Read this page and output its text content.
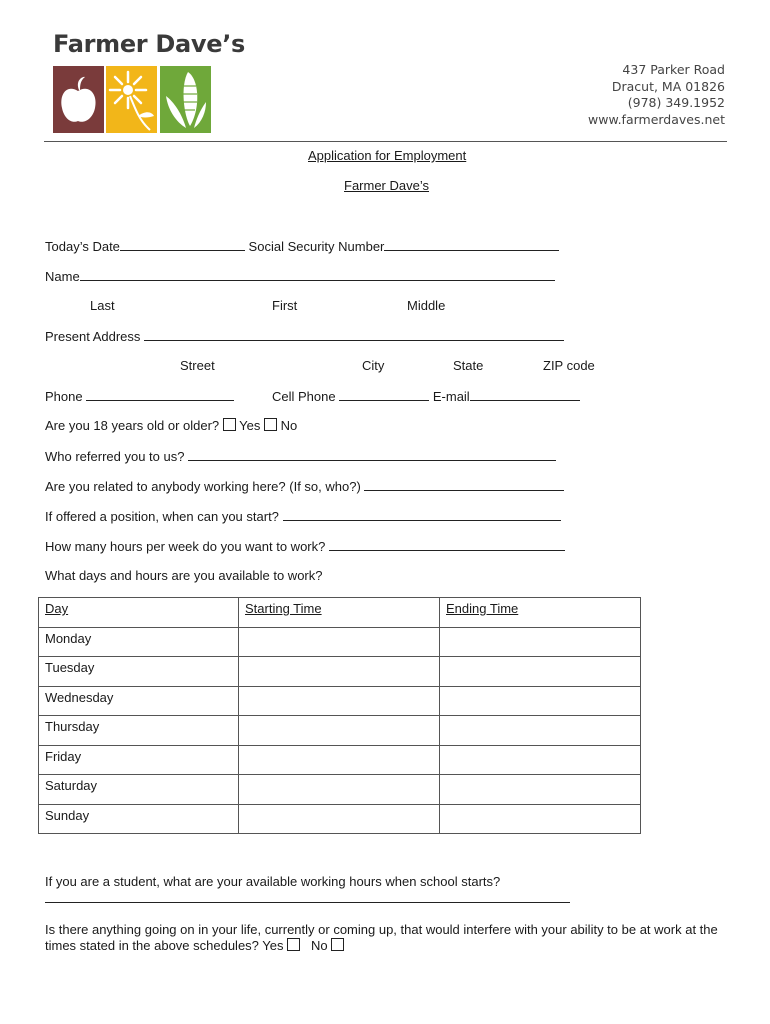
Farmer Dave’s
437 Parker Road
Dracut, MA 01826
(978) 349.1952
www.farmerdaves.net
Application for Employment
Farmer Dave’s
Today’s Date	Social Security Number
Name
Last	First	Middle
Present Address
Street	City	State	ZIP code
Phone	Cell Phone	E-mail
Are you 18 years old or older? Yes No
Who referred you to us?
Are you related to anybody working here? (If so, who?)
If offered a position, when can you start?
How many hours per week do you want to work?
What days and hours are you available to work?
Day	Starting Time	Ending Time
Monday		
Tuesday		
Wednesday		
Thursday		
Friday		
Saturday		
Sunday		
If you are a student, what are your available working hours when school starts?
Is there anything going on in your life, currently or coming up, that would interfere with your ability to be at work at the
times stated in the above schedules? Yes No
